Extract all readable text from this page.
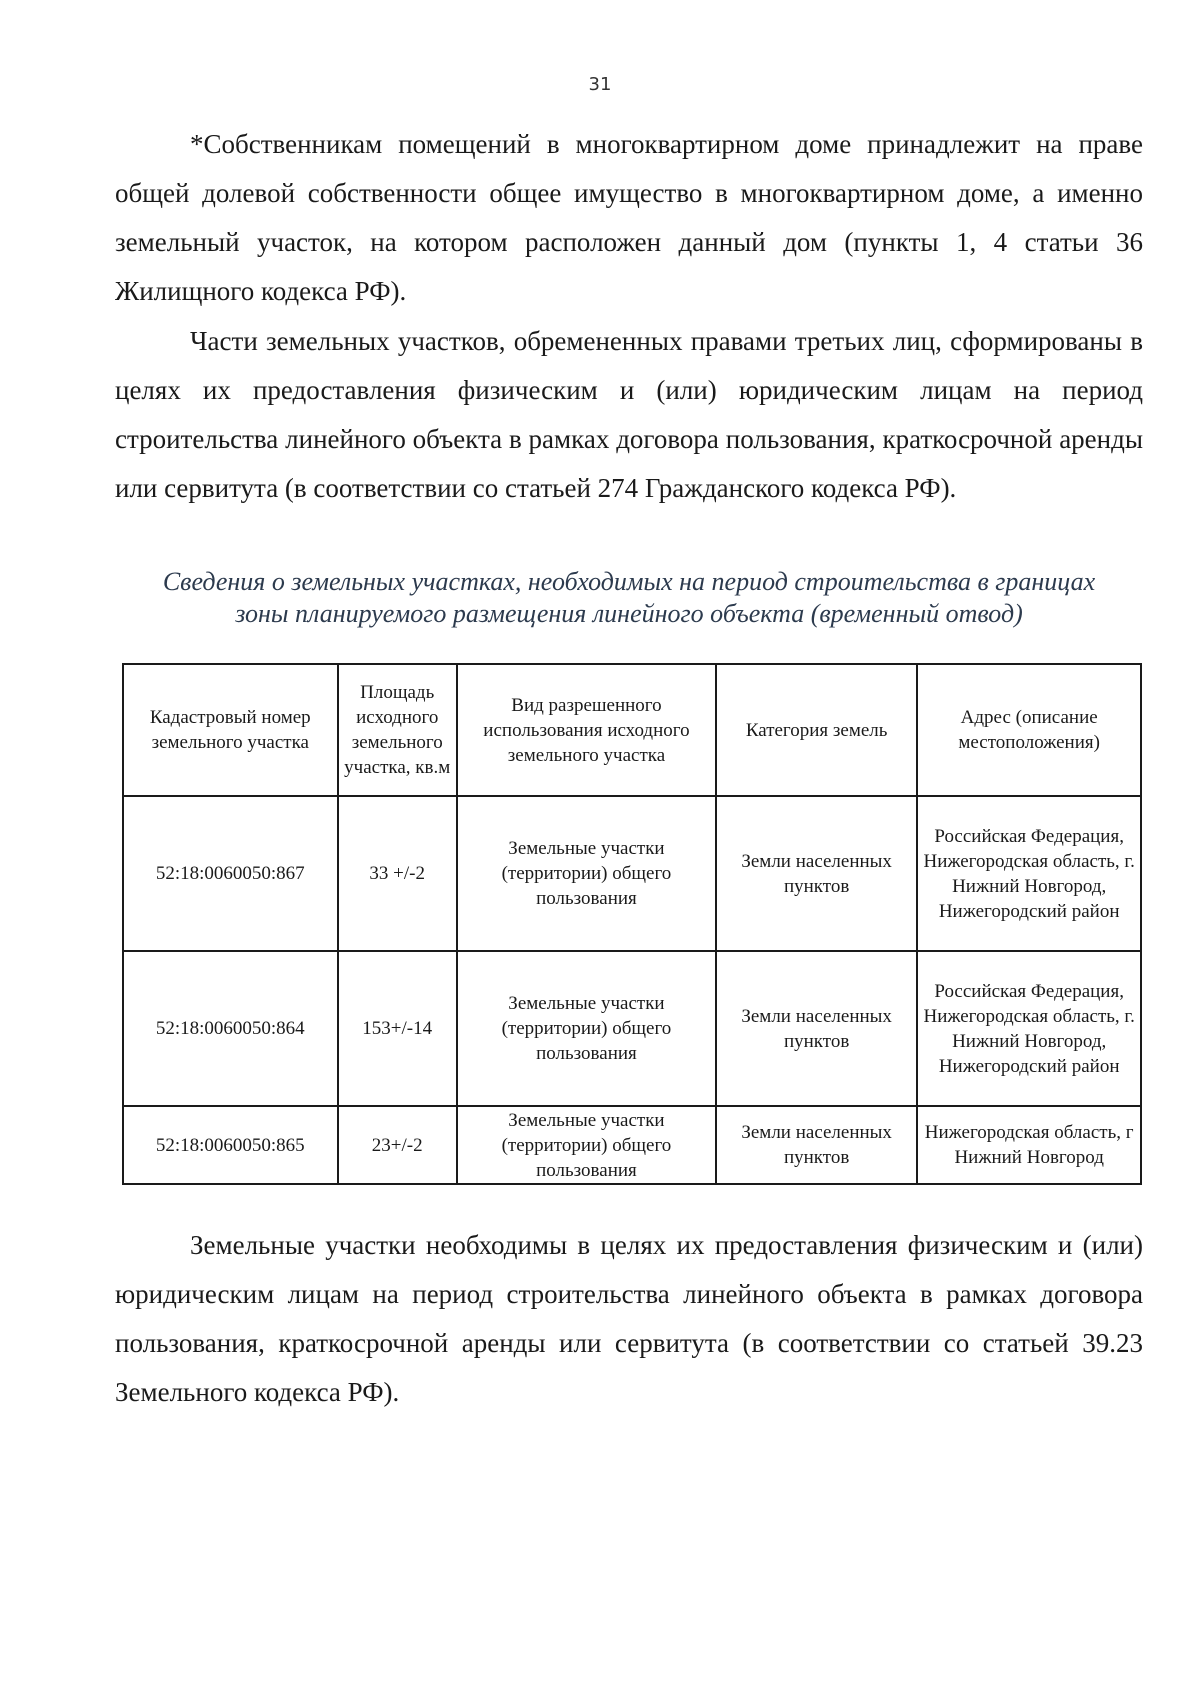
31

*Собственникам помещений в многоквартирном доме принадлежит на праве общей долевой собственности общее имущество в многоквартирном доме, а именно земельный участок, на котором расположен данный дом (пункты 1, 4 статьи 36 Жилищного кодекса РФ).

Части земельных участков, обремененных правами третьих лиц, сформированы в целях их предоставления физическим и (или) юридическим лицам на период строительства линейного объекта в рамках договора пользования, краткосрочной аренды или сервитута (в соответствии со статьей 274 Гражданского кодекса РФ).

Сведения о земельных участках, необходимых на период строительства в границах
зоны планируемого размещения линейного объекта (временный отвод)
Кадастровый номер земельного участка	Площадь исходного земельного участка, кв.м	Вид разрешенного использования исходного земельного участка	Категория земель	Адрес (описание местоположения)
52:18:0060050:867	33 +/-2	Земельные участки (территории) общего пользования	Земли населенных пунктов	Российская Федерация, Нижегородская область, г. Нижний Новгород, Нижегородский район
52:18:0060050:864	153+/-14	Земельные участки (территории) общего пользования	Земли населенных пунктов	Российская Федерация, Нижегородская область, г. Нижний Новгород, Нижегородский район
52:18:0060050:865	23+/-2	Земельные участки (территории) общего пользования	Земли населенных пунктов	Нижегородская область, г Нижний Новгород

Земельные участки необходимы в целях их предоставления физическим и (или) юридическим лицам на период строительства линейного объекта в рамках договора пользования, краткосрочной аренды или сервитута (в соответствии со статьей 39.23 Земельного кодекса РФ).
